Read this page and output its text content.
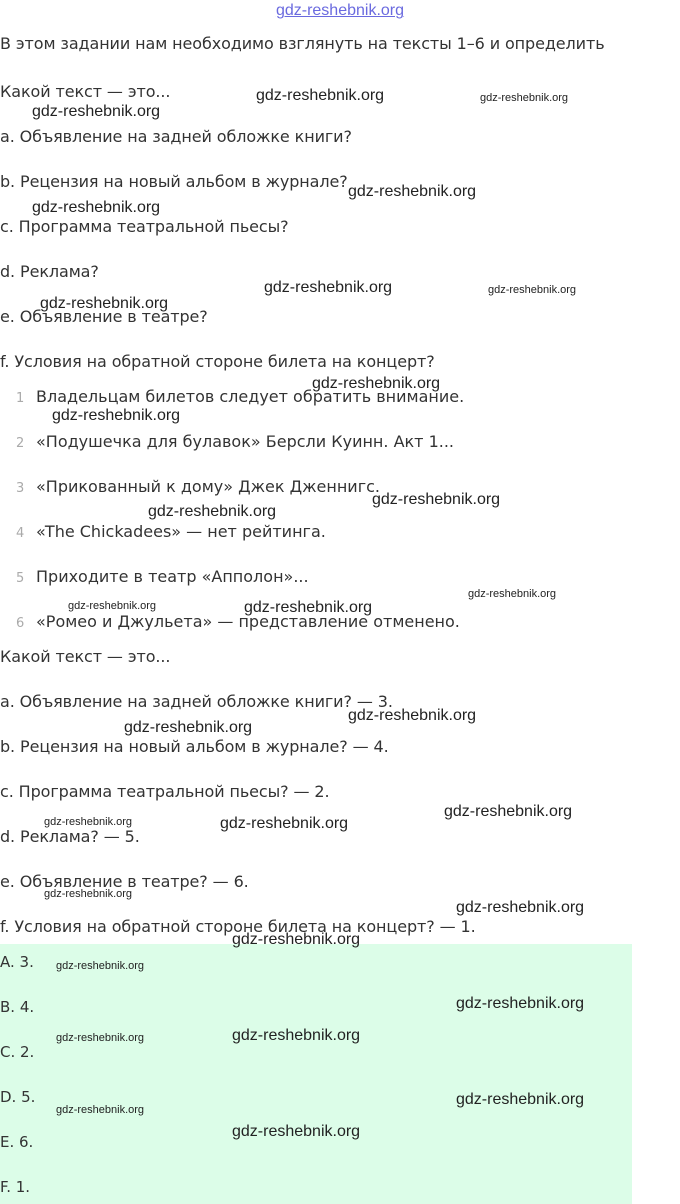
gdz-reshebnik.org
В этом задании нам необходимо взглянуть на тексты 1–6 и определить
Какой текст — это...
a. Объявление на задней обложке книги?
b. Рецензия на новый альбом в журнале?
c. Программа театральной пьесы?
d. Реклама?
e. Объявление в театре?
f. Условия на обратной стороне билета на концерт?
1 Владельцам билетов следует обратить внимание.
2 «Подушечка для булавок» Берсли Куинн. Акт 1...
3 «Прикованный к дому» Джек Дженнигс.
4 «The Chickadees» — нет рейтинга.
5 Приходите в театр «Апполон»...
6 «Ромео и Джульета» — представление отменено.
Какой текст — это...
a. Объявление на задней обложке книги? — 3.
b. Рецензия на новый альбом в журнале? — 4.
c. Программа театральной пьесы? — 2.
d. Реклама? — 5.
e. Объявление в театре? — 6.
f. Условия на обратной стороне билета на концерт? — 1.
A. 3.
B. 4.
C. 2.
D. 5.
E. 6.
F. 1.
gdz-reshebnik.org	gdz-reshebnik.org
gdz-reshebnik.org
gdz-reshebnik.org
gdz-reshebnik.org
gdz-reshebnik.org	gdz-reshebnik.org
gdz-reshebnik.org
gdz-reshebnik.org
gdz-reshebnik.org
gdz-reshebnik.org
gdz-reshebnik.org
gdz-reshebnik.org
gdz-reshebnik.org
gdz-reshebnik.org
gdz-reshebnik.org
gdz-reshebnik.org
gdz-reshebnik.org
gdz-reshebnik.org
gdz-reshebnik.org
gdz-reshebnik.org
gdz-reshebnik.org
gdz-reshebnik.org
gdz-reshebnik.org
gdz-reshebnik.org
gdz-reshebnik.org
gdz-reshebnik.org
gdz-reshebnik.org
gdz-reshebnik.org
gdz-reshebnik.org
